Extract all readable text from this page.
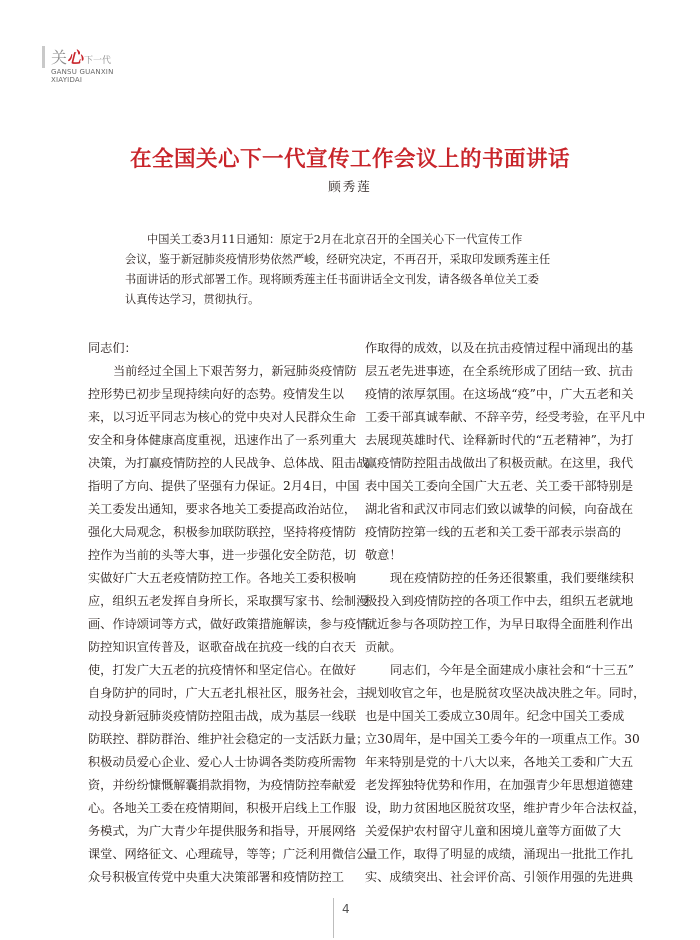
关 心 下一代
GANSU GUANXIN
XIAYIDAI
在全国关心下一代宣传工作会议上的书面讲话
顾秀莲

中国关工委3月11日通知：原定于2月在北京召开的全国关心下一代宣传工作

会议，鉴于新冠肺炎疫情形势依然严峻，经研究决定，不再召开，采取印发顾秀莲主任

书面讲话的形式部署工作。现将顾秀莲主任书面讲话全文刊发，请各级各单位关工委

认真传达学习，贯彻执行。

同志们：

当前经过全国上下艰苦努力，新冠肺炎疫情防

控形势已初步呈现持续向好的态势。疫情发生以

来，以习近平同志为核心的党中央对人民群众生命

安全和身体健康高度重视，迅速作出了一系列重大

决策，为打赢疫情防控的人民战争、总体战、阻击战

指明了方向、提供了坚强有力保证。2月4日，中国

关工委发出通知，要求各地关工委提高政治站位，

强化大局观念，积极参加联防联控，坚持将疫情防

控作为当前的头等大事，进一步强化安全防范，切

实做好广大五老疫情防控工作。各地关工委积极响

应，组织五老发挥自身所长，采取撰写家书、绘制漫

画、作诗颂词等方式，做好政策措施解读，参与疫情

防控知识宣传普及，讴歌奋战在抗疫一线的白衣天

使，打发广大五老的抗疫情怀和坚定信心。在做好

自身防护的同时，广大五老扎根社区，服务社会，主

动投身新冠肺炎疫情防控阻击战，成为基层一线联

防联控、群防群治、维护社会稳定的一支活跃力量；

积极动员爱心企业、爱心人士协调各类防疫所需物

资，并纷纷慷慨解囊捐款捐物，为疫情防控奉献爱

心。各地关工委在疫情期间，积极开启线上工作服

务模式，为广大青少年提供服务和指导，开展网络

课堂、网络征文、心理疏导，等等；广泛利用微信公

众号积极宣传党中央重大决策部署和疫情防控工

作取得的成效，以及在抗击疫情过程中涌现出的基

层五老先进事迹，在全系统形成了团结一致、抗击

疫情的浓厚氛围。在这场战“疫”中，广大五老和关

工委干部真诚奉献、不辞辛劳，经受考验，在平凡中

去展现英雄时代、诠释新时代的“五老精神”，为打

赢疫情防控阻击战做出了积极贡献。在这里，我代

表中国关工委向全国广大五老、关工委干部特别是

湖北省和武汉市同志们致以诚挚的问候，向奋战在

疫情防控第一线的五老和关工委干部表示崇高的

敬意！

现在疫情防控的任务还很繁重，我们要继续积

极投入到疫情防控的各项工作中去，组织五老就地

就近参与各项防控工作，为早日取得全面胜利作出

贡献。

同志们，今年是全面建成小康社会和“十三五”

规划收官之年，也是脱贫攻坚决战决胜之年。同时，

也是中国关工委成立30周年。纪念中国关工委成

立30周年，是中国关工委今年的一项重点工作。30

年来特别是党的十八大以来，各地关工委和广大五

老发挥独特优势和作用，在加强青少年思想道德建

设，助力贫困地区脱贫攻坚，维护青少年合法权益，

关爱保护农村留守儿童和困境儿童等方面做了大

量工作，取得了明显的成绩，涌现出一批批工作扎

实、成绩突出、社会评价高、引领作用强的先进典

4
